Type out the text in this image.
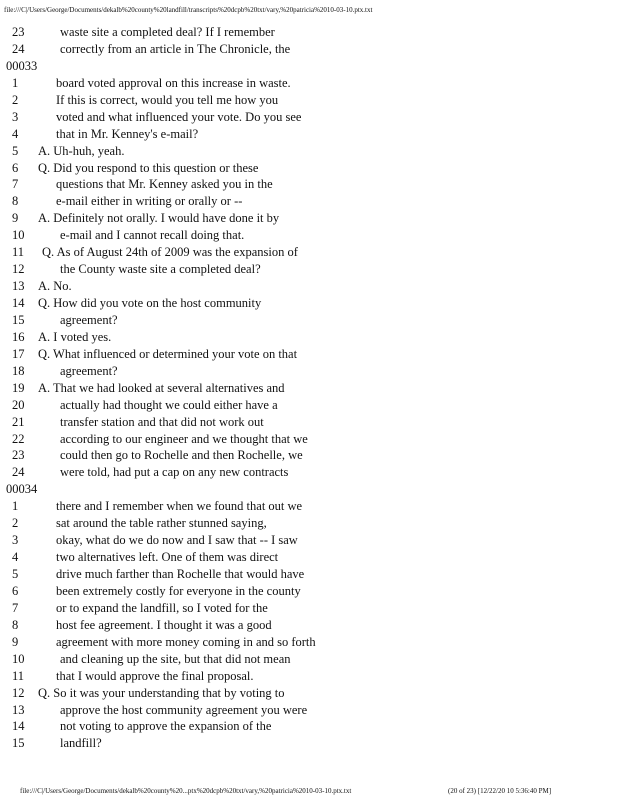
file:///C|/Users/George/Documents/dekalb%20county%20landfill/transcripts%20dcpb%20txt/vary,%20patricia%2010-03-10.ptx.txt
23	waste site a completed deal? If I remember
24	correctly from an article in The Chronicle, the
00033
1	board voted approval on this increase in waste.
2	If this is correct, would you tell me how you
3	voted and what influenced your vote. Do you see
4	that in Mr. Kenney's e-mail?
5 A. Uh-huh, yeah.
6 Q. Did you respond to this question or these
7	questions that Mr. Kenney asked you in the
8	e-mail either in writing or orally or --
9 A. Definitely not orally. I would have done it by
10	e-mail and I cannot recall doing that.
11 Q. As of August 24th of 2009 was the expansion of
12	the County waste site a completed deal?
13 A. No.
14 Q. How did you vote on the host community
15	agreement?
16 A. I voted yes.
17 Q. What influenced or determined your vote on that
18	agreement?
19 A. That we had looked at several alternatives and
20	actually had thought we could either have a
21	transfer station and that did not work out
22	according to our engineer and we thought that we
23	could then go to Rochelle and then Rochelle, we
24	were told, had put a cap on any new contracts
00034
1	there and I remember when we found that out we
2	sat around the table rather stunned saying,
3	okay, what do we do now and I saw that -- I saw
4	two alternatives left. One of them was direct
5	drive much farther than Rochelle that would have
6	been extremely costly for everyone in the county
7	or to expand the landfill, so I voted for the
8	host fee agreement. I thought it was a good
9	agreement with more money coming in and so forth
10	and cleaning up the site, but that did not mean
11	that I would approve the final proposal.
12 Q. So it was your understanding that by voting to
13	approve the host community agreement you were
14	not voting to approve the expansion of the
15	landfill?
file:///C|/Users/George/Documents/dekalb%20county%20...ptx%20dcpb%20txt/vary,%20patricia%2010-03-10.ptx.txt	(20 of 23) [12/22/20 10 5:36:40 PM]
